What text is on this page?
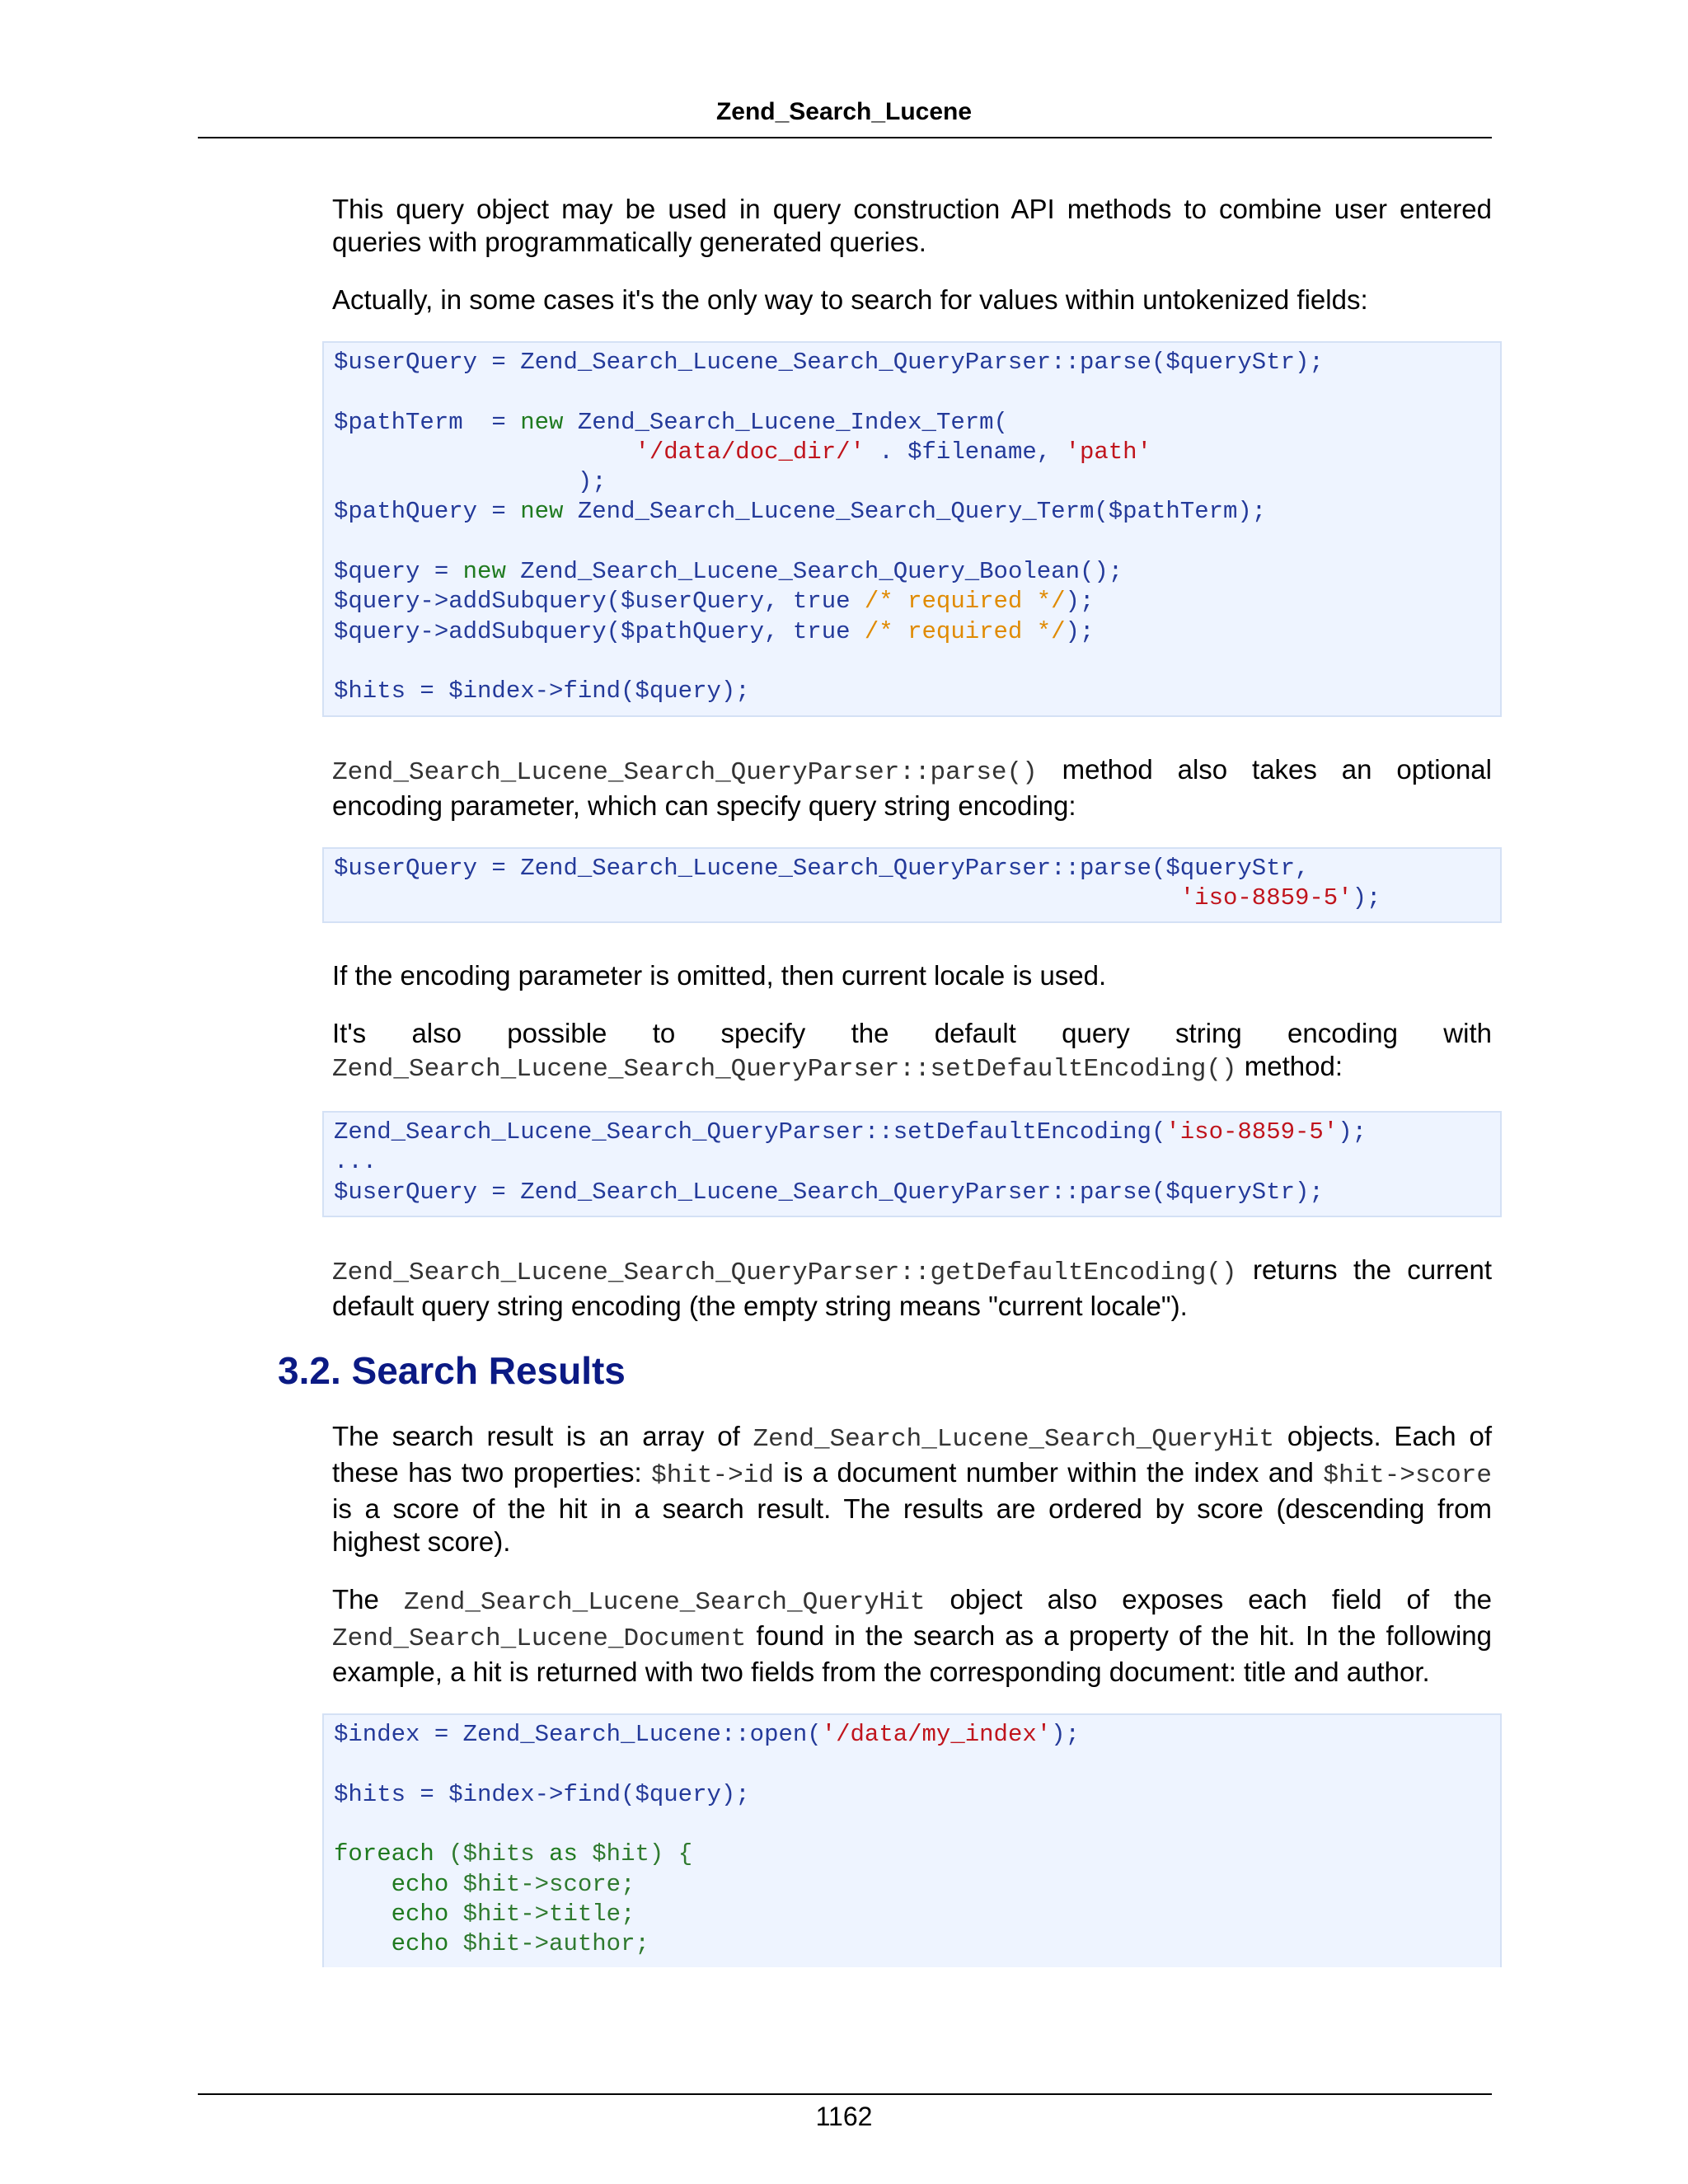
Zend_Search_Lucene

This query object may be used in query construction API methods to combine user entered queries with programmatically generated queries.

Actually, in some cases it's the only way to search for values within untokenized fields:

$userQuery = Zend_Search_Lucene_Search_QueryParser::parse($queryStr);

$pathTerm  = new Zend_Search_Lucene_Index_Term(
'/data/doc_dir/' . $filename, 'path'
);
$pathQuery = new Zend_Search_Lucene_Search_Query_Term($pathTerm);

$query = new Zend_Search_Lucene_Search_Query_Boolean();
$query->addSubquery($userQuery, true /* required */);
$query->addSubquery($pathQuery, true /* required */);

$hits = $index->find($query);

Zend_Search_Lucene_Search_QueryParser::parse() method also takes an optional encoding parameter, which can specify query string encoding:

$userQuery = Zend_Search_Lucene_Search_QueryParser::parse($queryStr,
'iso-8859-5');

If the encoding parameter is omitted, then current locale is used.

It's also possible to specify the default query string encoding with Zend_Search_Lucene_Search_QueryParser::setDefaultEncoding() method:

Zend_Search_Lucene_Search_QueryParser::setDefaultEncoding('iso-8859-5');
...
$userQuery = Zend_Search_Lucene_Search_QueryParser::parse($queryStr);

Zend_Search_Lucene_Search_QueryParser::getDefaultEncoding() returns the current default query string encoding (the empty string means "current locale").

3.2. Search Results

The search result is an array of Zend_Search_Lucene_Search_QueryHit objects. Each of these has two properties: $hit->id is a document number within the index and $hit->score is a score of the hit in a search result. The results are ordered by score (descending from highest score).

The Zend_Search_Lucene_Search_QueryHit object also exposes each field of the Zend_Search_Lucene_Document found in the search as a property of the hit. In the following example, a hit is returned with two fields from the corresponding document: title and author.

$index = Zend_Search_Lucene::open('/data/my_index');

$hits = $index->find($query);

foreach ($hits as $hit) {
echo $hit->score;
echo $hit->title;
echo $hit->author;
1162
